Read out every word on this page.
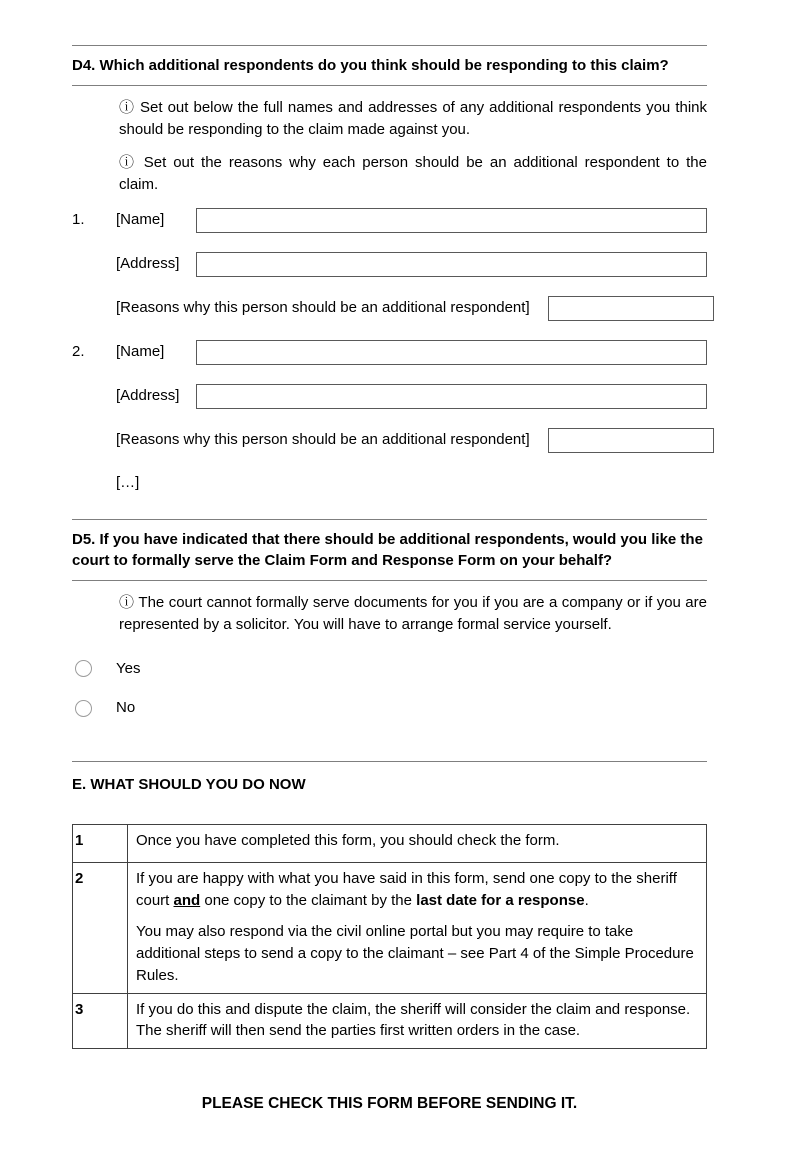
D4. Which additional respondents do you think should be responding to this claim?

ⓘ Set out below the full names and addresses of any additional respondents you think should be responding to the claim made against you.

ⓘ Set out the reasons why each person should be an additional respondent to the claim.

1.	[Name]
[Address]
[Reasons why this person should be an additional respondent]
2.	[Name]
[Address]
[Reasons why this person should be an additional respondent]
[…]
D5. If you have indicated that there should be additional respondents, would you like the court to formally serve the Claim Form and Response Form on your behalf?

ⓘ The court cannot formally serve documents for you if you are a company or if you are represented by a solicitor. You will have to arrange formal service yourself.

Yes
No
E. WHAT SHOULD YOU DO NOW
1	Once you have completed this form, you should check the form.
2	If you are happy with what you have said in this form, send one copy to the sheriff court and one copy to the claimant by the last date for a response.
You may also respond via the civil online portal but you may require to take additional steps to send a copy to the claimant – see Part 4 of the Simple Procedure Rules.

3	If you do this and dispute the claim, the sheriff will consider the claim and response. The sheriff will then send the parties first written orders in the case.
PLEASE CHECK THIS FORM BEFORE SENDING IT.
